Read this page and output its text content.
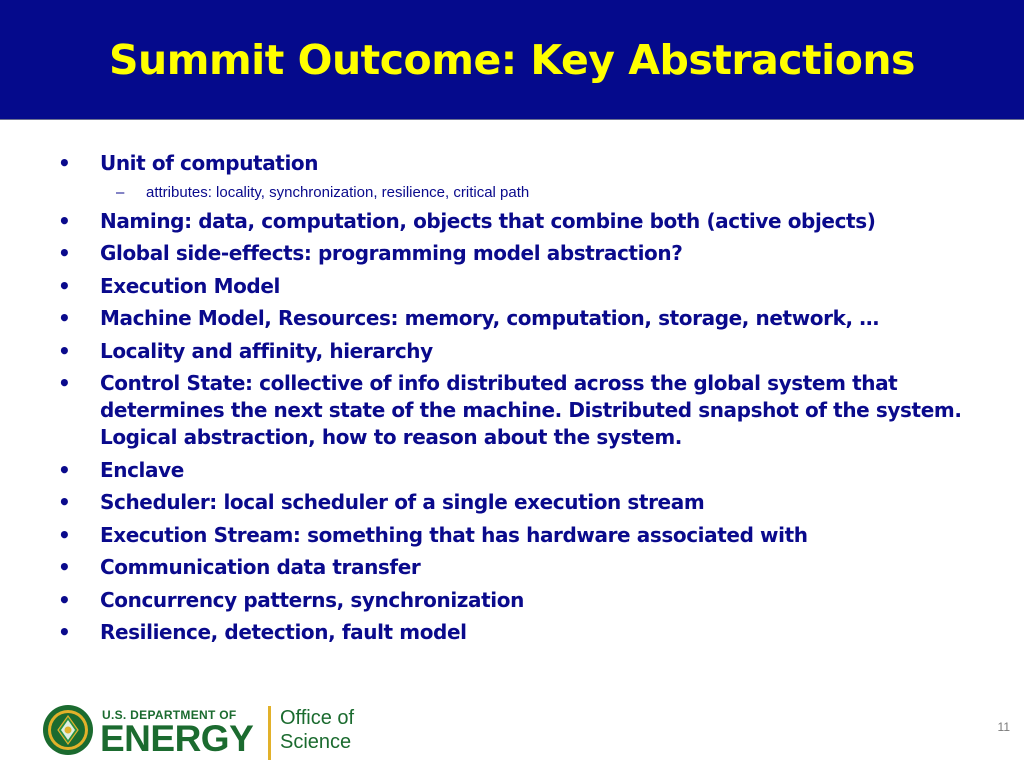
Summit Outcome: Key Abstractions
•	Unit of computation
– attributes: locality, synchronization, resilience, critical path
•	Naming: data, computation, objects that combine both (active objects)
•	Global side-effects: programming model abstraction?
•	Execution Model
•	Machine Model, Resources: memory, computation, storage, network, …
•	Locality and affinity, hierarchy
•	Control State: collective of info distributed across the global system that determines the next state of the machine. Distributed snapshot of the system. Logical abstraction, how to reason about the system.
•	Enclave
•	Scheduler: local scheduler of a single execution stream
•	Execution Stream: something that has hardware associated with
•	Communication data transfer
•	Concurrency patterns, synchronization
•	Resilience, detection, fault model
U.S. DEPARTMENT OF
ENERGY Office of
Science
11
